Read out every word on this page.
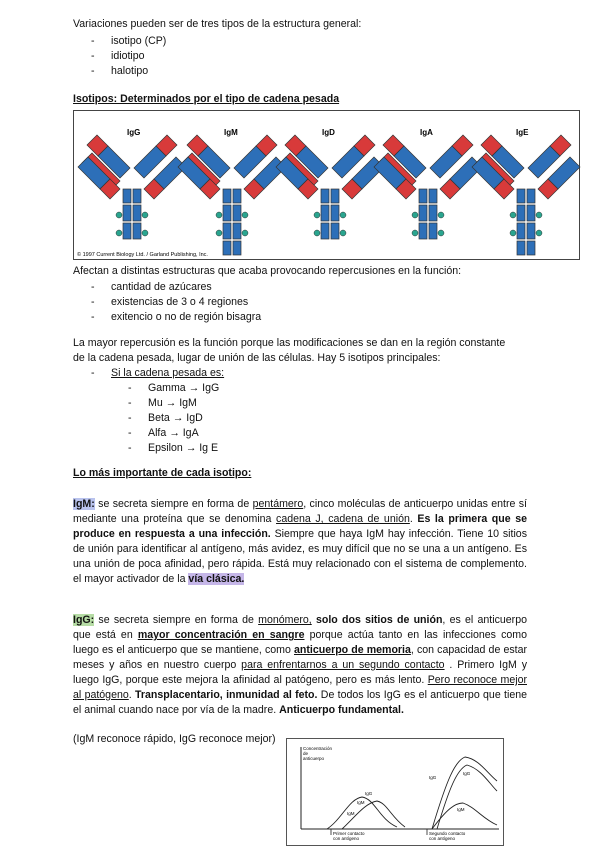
Variaciones pueden ser de tres tipos de la estructura general:
- isotipo (CP)
- idiotipo
- halotipo
Isotipos: Determinados por el tipo de cadena pesada
IgG	IgM	IgD	IgA	IgE
© 1997 Current Biology Ltd. / Garland Publishing, Inc.
Afectan a distintas estructuras que acaba provocando repercusiones en la función:
- cantidad de azúcares
- existencias de 3 o 4 regiones
- exitencio o no de región bisagra
La mayor repercusión es la función porque las modificaciones se dan en la región constante
de la cadena pesada, lugar de unión de las células. Hay 5 isotipos principales:
- Si la cadena pesada es:
- Gamma → IgG
- Mu → IgM
- Beta → IgD
- Alfa → IgA
- Epsilon → Ig E
Lo más importante de cada isotipo:

IgM: se secreta siempre en forma de pentámero, cinco moléculas de anticuerpo unidas entre sí mediante una proteína que se denomina cadena J, cadena de unión. Es la primera que se produce en respuesta a una infección. Siempre que haya IgM hay infección. Tiene 10 sitios de unión para identificar al antígeno, más avidez, es muy difícil que no se una a un antígeno. Es una unión de poca afinidad, pero rápida. Está muy relacionado con el sistema de complemento. el mayor activador de la vía clásica.

IgG: se secreta siempre en forma de monómero, solo dos sitios de unión, es el anticuerpo que está en mayor concentración en sangre porque actúa tanto en las infecciones como luego es el anticuerpo que se mantiene, como anticuerpo de memoria, con capacidad de estar meses y años en nuestro cuerpo para enfrentarnos a un segundo contacto . Primero IgM y luego IgG, porque este mejora la afinidad al patógeno, pero es más lento. Pero reconoce mejor al patógeno. Transplacentario, inmunidad al feto. De todos los IgG es el anticuerpo que tiene el animal cuando nace por vía de la madre. Anticuerpo fundamental.

(IgM reconoce rápido, IgG reconoce mejor)
Concentración
de
anticuerpo
IgG
IgM
IgG
IgG
IgM
IgM
Primer contacto
con antígeno
Segundo contacto
con antígeno
